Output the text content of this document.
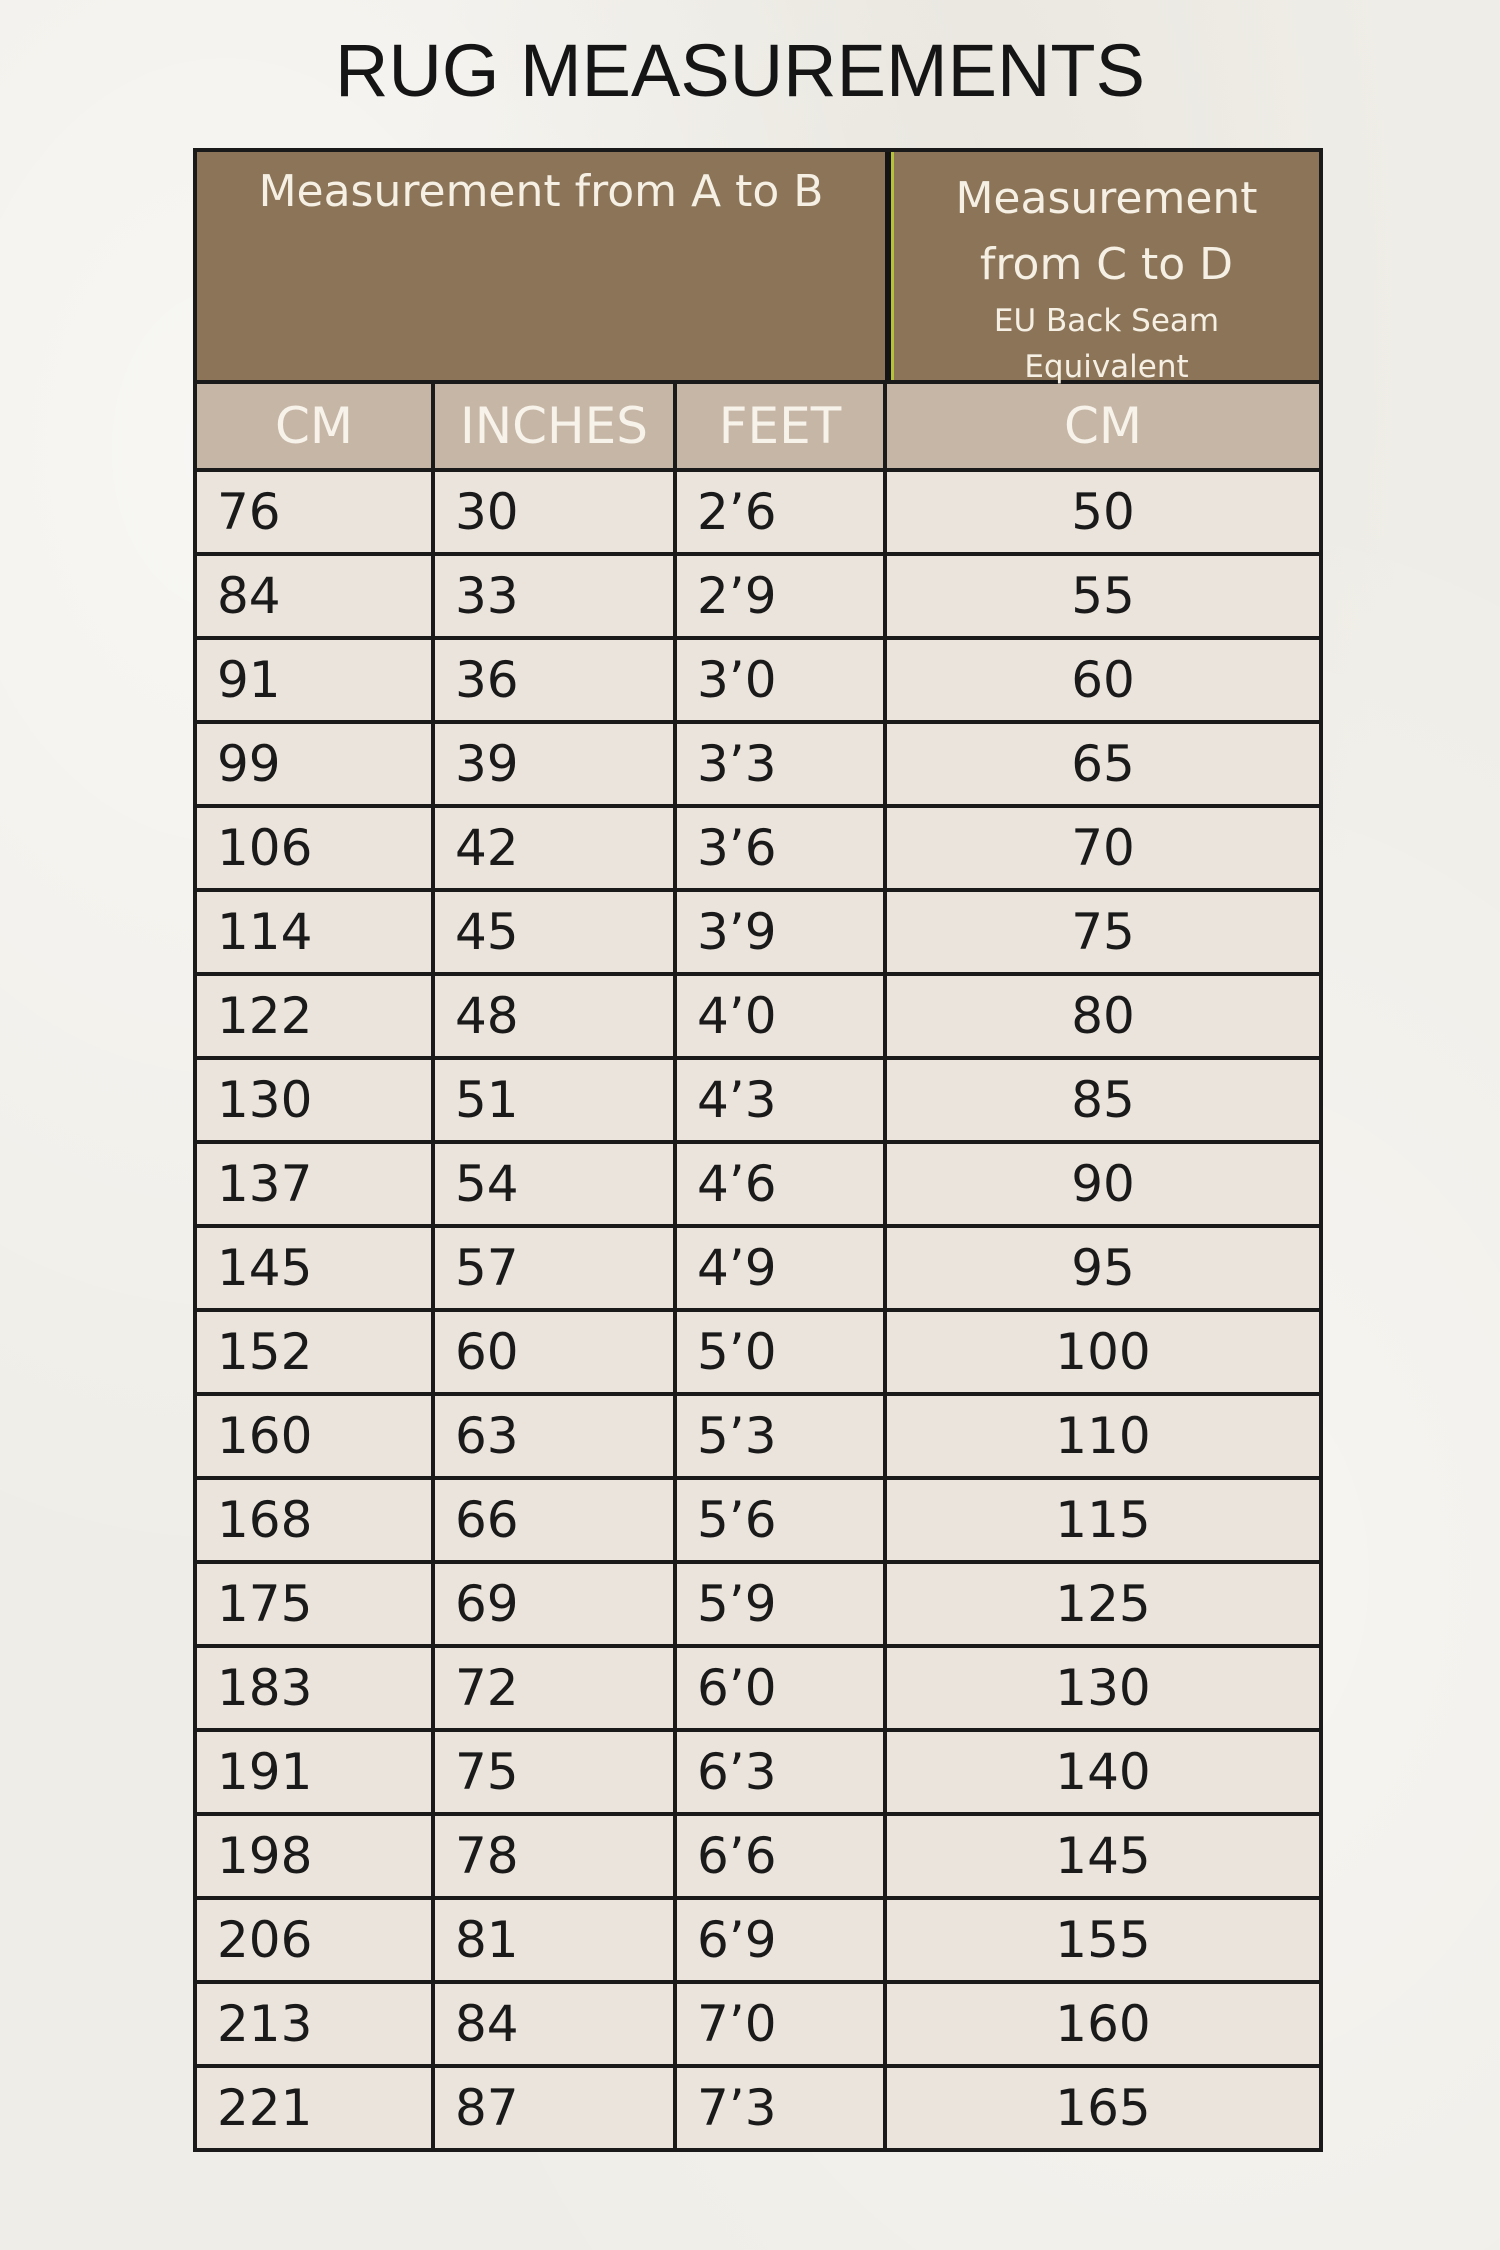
RUG MEASUREMENTS
Measurement from A to B	Measurement from C to D
EU Back Seam Equivalent
CM	INCHES	FEET	CM
76	30	2’6	50
84	33	2’9	55
91	36	3’0	60
99	39	3’3	65
106	42	3’6	70
114	45	3’9	75
122	48	4’0	80
130	51	4’3	85
137	54	4’6	90
145	57	4’9	95
152	60	5’0	100
160	63	5’3	110
168	66	5’6	115
175	69	5’9	125
183	72	6’0	130
191	75	6’3	140
198	78	6’6	145
206	81	6’9	155
213	84	7’0	160
221	87	7’3	165
